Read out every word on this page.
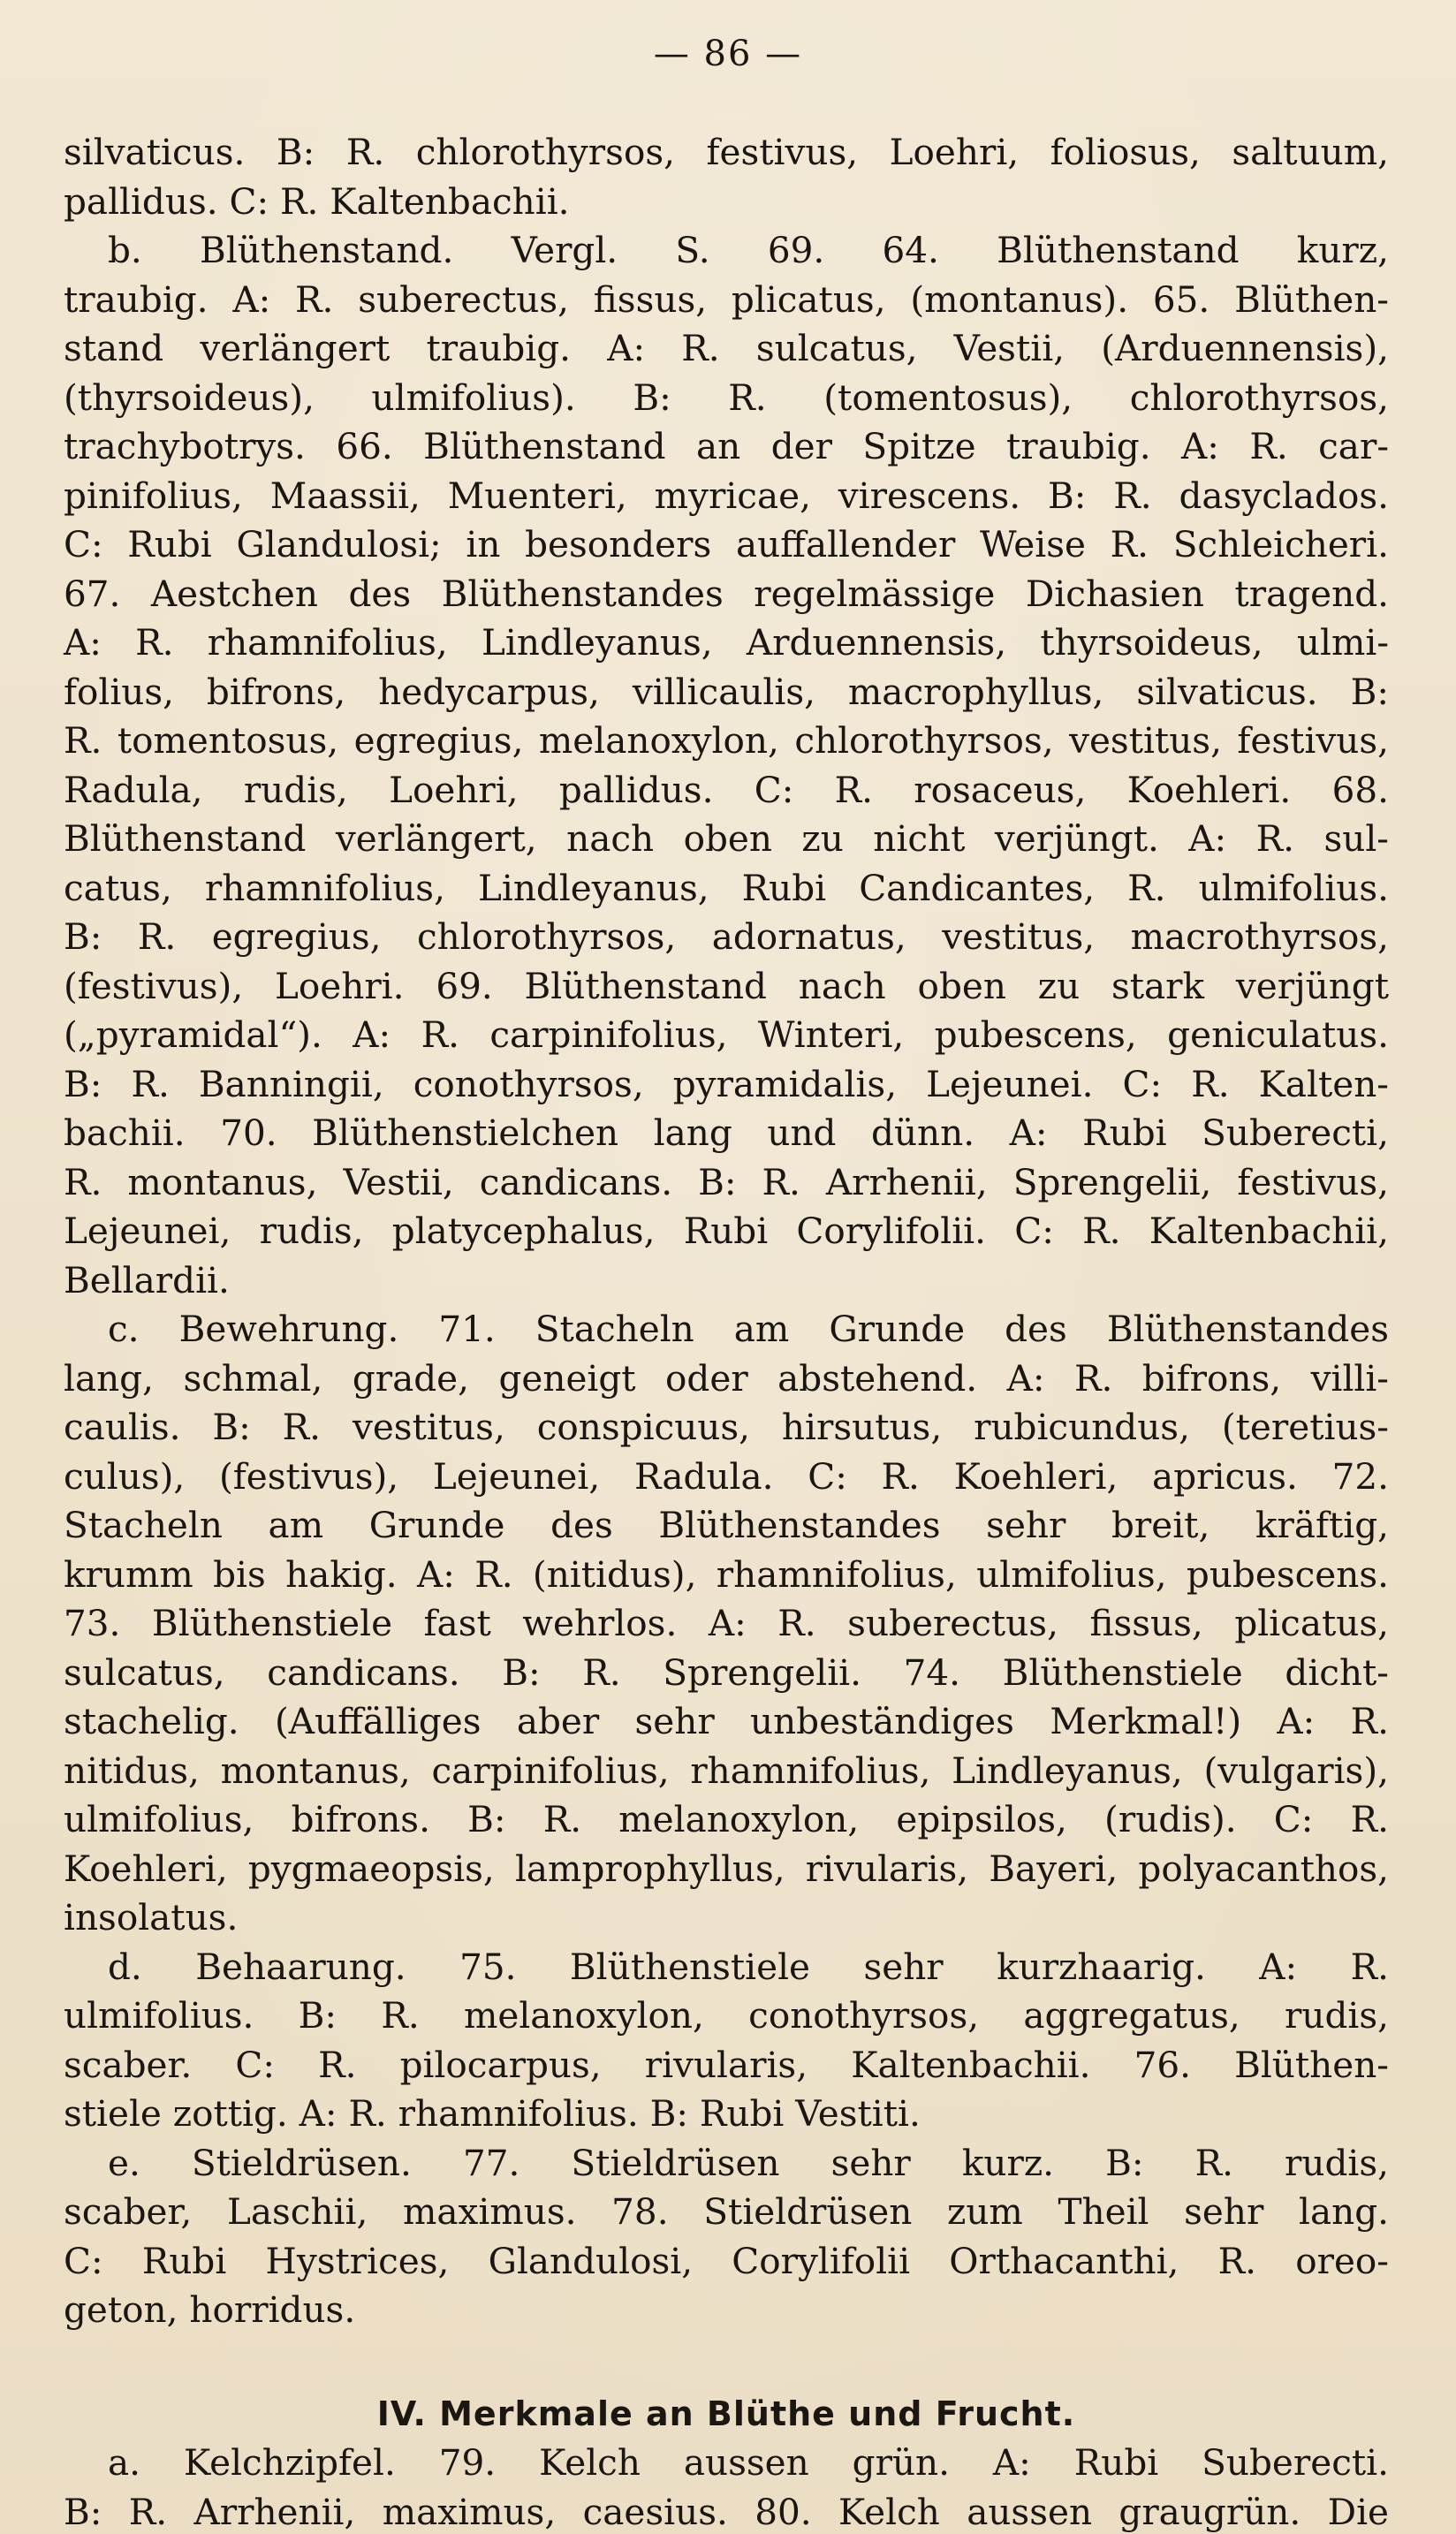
— 86 —
silvaticus. B: R. chlorothyrsos, festivus, Loehri, foliosus, saltuum,
pallidus. C: R. Kaltenbachii.
b. Blüthenstand. Vergl. S. 69. 64. Blüthenstand kurz,
traubig. A: R. suberectus, fissus, plicatus, (montanus). 65. Blüthen-
stand verlängert traubig. A: R. sulcatus, Vestii, (Arduennensis),
(thyrsoideus), ulmifolius). B: R. (tomentosus), chlorothyrsos,
trachybotrys. 66. Blüthenstand an der Spitze traubig. A: R. car-
pinifolius, Maassii, Muenteri, myricae, virescens. B: R. dasyclados.
C: Rubi Glandulosi; in besonders auffallender Weise R. Schleicheri.
67. Aestchen des Blüthenstandes regelmässige Dichasien tragend.
A: R. rhamnifolius, Lindleyanus, Arduennensis, thyrsoideus, ulmi-
folius, bifrons, hedycarpus, villicaulis, macrophyllus, silvaticus. B:
R. tomentosus, egregius, melanoxylon, chlorothyrsos, vestitus, festivus,
Radula, rudis, Loehri, pallidus. C: R. rosaceus, Koehleri. 68.
Blüthenstand verlängert, nach oben zu nicht verjüngt. A: R. sul-
catus, rhamnifolius, Lindleyanus, Rubi Candicantes, R. ulmifolius.
B: R. egregius, chlorothyrsos, adornatus, vestitus, macrothyrsos,
(festivus), Loehri. 69. Blüthenstand nach oben zu stark verjüngt
(„pyramidal“). A: R. carpinifolius, Winteri, pubescens, geniculatus.
B: R. Banningii, conothyrsos, pyramidalis, Lejeunei. C: R. Kalten-
bachii. 70. Blüthenstielchen lang und dünn. A: Rubi Suberecti,
R. montanus, Vestii, candicans. B: R. Arrhenii, Sprengelii, festivus,
Lejeunei, rudis, platycephalus, Rubi Corylifolii. C: R. Kaltenbachii,
Bellardii.
c. Bewehrung. 71. Stacheln am Grunde des Blüthenstandes
lang, schmal, grade, geneigt oder abstehend. A: R. bifrons, villi-
caulis. B: R. vestitus, conspicuus, hirsutus, rubicundus, (teretius-
culus), (festivus), Lejeunei, Radula. C: R. Koehleri, apricus. 72.
Stacheln am Grunde des Blüthenstandes sehr breit, kräftig,
krumm bis hakig. A: R. (nitidus), rhamnifolius, ulmifolius, pubescens.
73. Blüthenstiele fast wehrlos. A: R. suberectus, fissus, plicatus,
sulcatus, candicans. B: R. Sprengelii. 74. Blüthenstiele dicht-
stachelig. (Auffälliges aber sehr unbeständiges Merkmal!) A: R.
nitidus, montanus, carpinifolius, rhamnifolius, Lindleyanus, (vulgaris),
ulmifolius, bifrons. B: R. melanoxylon, epipsilos, (rudis). C: R.
Koehleri, pygmaeopsis, lamprophyllus, rivularis, Bayeri, polyacanthos,
insolatus.
d. Behaarung. 75. Blüthenstiele sehr kurzhaarig. A: R.
ulmifolius. B: R. melanoxylon, conothyrsos, aggregatus, rudis,
scaber. C: R. pilocarpus, rivularis, Kaltenbachii. 76. Blüthen-
stiele zottig. A: R. rhamnifolius. B: Rubi Vestiti.
e. Stieldrüsen. 77. Stieldrüsen sehr kurz. B: R. rudis,
scaber, Laschii, maximus. 78. Stieldrüsen zum Theil sehr lang.
C: Rubi Hystrices, Glandulosi, Corylifolii Orthacanthi, R. oreo-
geton, horridus.
IV. Merkmale an Blüthe und Frucht.
a. Kelchzipfel. 79. Kelch aussen grün. A: Rubi Suberecti.
B: R. Arrhenii, maximus, caesius. 80. Kelch aussen graugrün. Die
